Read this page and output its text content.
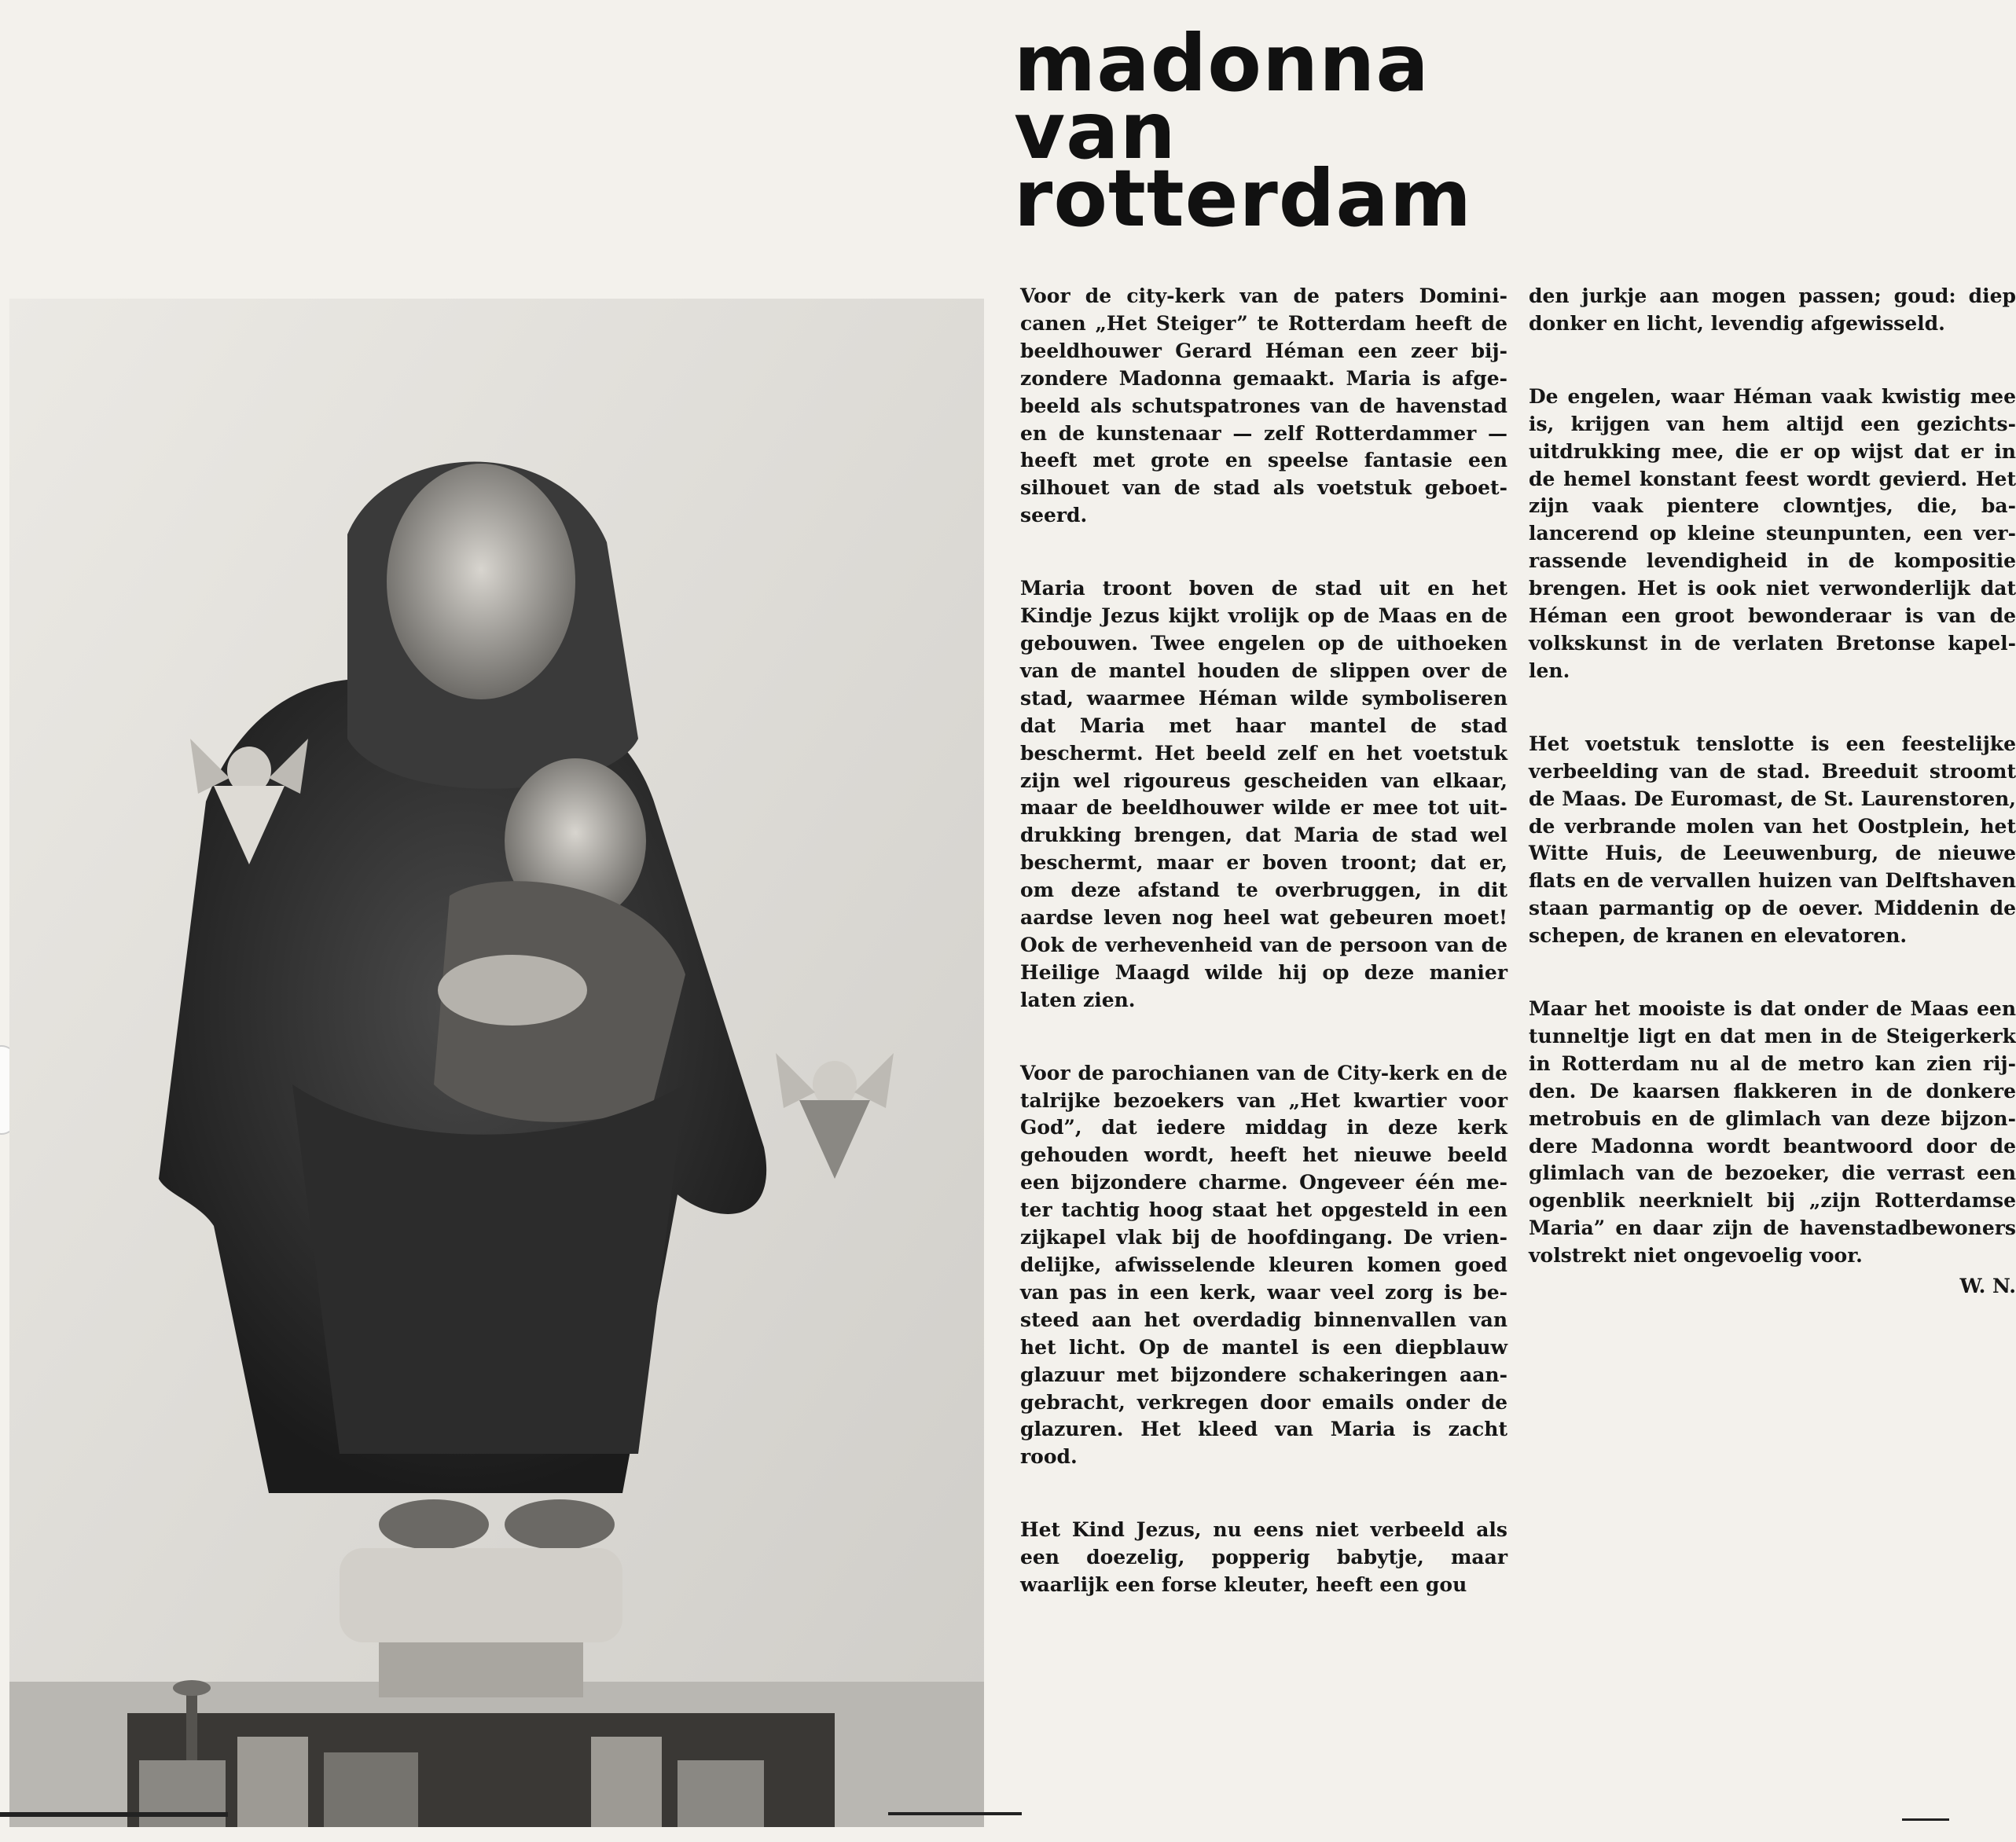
madonna
van
rotterdam

Voor de city-kerk van de paters Dominicanen „Het Steiger” te Rotterdam heeft de beeldhouwer Gerard Héman een zeer bijzondere Madonna gemaakt. Maria is afgebeeld als schutspatrones van de havenstad en de kunstenaar — zelf Rotterdammer — heeft met grote en speelse fantasie een silhouet van de stad als voetstuk geboetseerd.

Maria troont boven de stad uit en het Kindje Jezus kijkt vrolijk op de Maas en de gebouwen. Twee engelen op de uithoeken van de mantel houden de slippen over de stad, waarmee Héman wilde symboliseren dat Maria met haar mantel de stad beschermt. Het beeld zelf en het voetstuk zijn wel rigoureus gescheiden van elkaar, maar de beeldhouwer wilde er mee tot uitdrukking brengen, dat Maria de stad wel beschermt, maar er boven troont; dat er, om deze afstand te overbruggen, in dit aardse leven nog heel wat gebeuren moet! Ook de verhevenheid van de persoon van de Heilige Maagd wilde hij op deze manier laten zien.

Voor de parochianen van de City-kerk en de talrijke bezoekers van „Het kwartier voor God”, dat iedere middag in deze kerk gehouden wordt, heeft het nieuwe beeld een bijzondere charme. Ongeveer één meter tachtig hoog staat het opgesteld in een zijkapel vlak bij de hoofdingang. De vriendelijke, afwisselende kleuren komen goed van pas in een kerk, waar veel zorg is besteed aan het overdadig binnenvallen van het licht. Op de mantel is een diepblauw glazuur met bijzondere schakeringen aangebracht, verkregen door emails onder de glazuren. Het kleed van Maria is zacht rood.

Het Kind Jezus, nu eens niet verbeeld als een doezelig, popperig babytje, maar waarlijk een forse kleuter, heeft een gou

den jurkje aan mogen passen; goud: diep donker en licht, levendig afgewisseld.

De engelen, waar Héman vaak kwistig mee is, krijgen van hem altijd een gezichtsuitdrukking mee, die er op wijst dat er in de hemel konstant feest wordt gevierd. Het zijn vaak pientere clowntjes, die, balancerend op kleine steunpunten, een verrassende levendigheid in de kompositie brengen. Het is ook niet verwonderlijk dat Héman een groot bewonderaar is van de volkskunst in de verlaten Bretonse kapellen.

Het voetstuk tenslotte is een feestelijke verbeelding van de stad. Breeduit stroomt de Maas. De Euromast, de St. Laurenstoren, de verbrande molen van het Oostplein, het Witte Huis, de Leeuwenburg, de nieuwe flats en de vervallen huizen van Delftshaven staan parmantig op de oever. Middenin de schepen, de kranen en elevatoren.

Maar het mooiste is dat onder de Maas een tunneltje ligt en dat men in de Steigerkerk in Rotterdam nu al de metro kan zien rijden. De kaarsen flakkeren in de donkere metrobuis en de glimlach van deze bijzondere Madonna wordt beantwoord door de glimlach van de bezoeker, die verrast een ogenblik neerknielt bij „zijn Rotterdamse Maria” en daar zijn de havenstadbewoners volstrekt niet ongevoelig voor.

W. N.
